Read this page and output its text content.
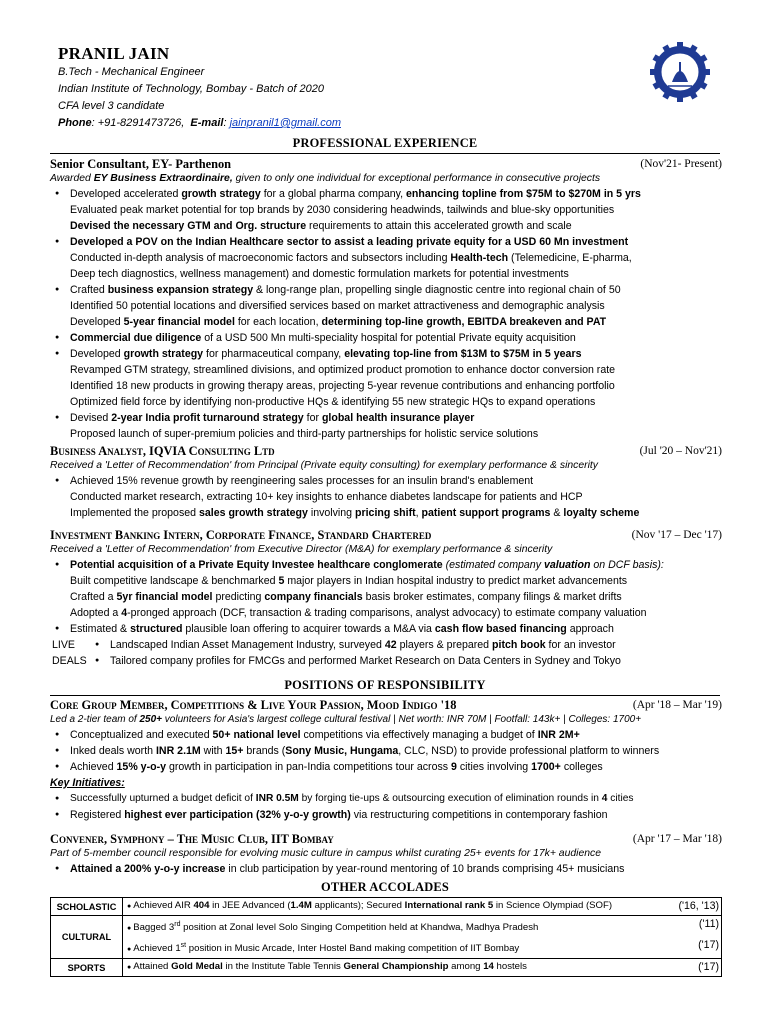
PRANIL JAIN
B.Tech - Mechanical Engineer
Indian Institute of Technology, Bombay - Batch of 2020
CFA level 3 candidate
Phone: +91-8291473726, E-mail: jainpranil1@gmail.com
PROFESSIONAL EXPERIENCE
Senior Consultant, EY- Parthenon	(Nov'21- Present)
Awarded EY Business Extraordinaire, given to only one individual for exceptional performance in consecutive projects
● Developed accelerated growth strategy for a global pharma company, enhancing topline from $75M to $270M in 5 yrs
Evaluated peak market potential for top brands by 2030 considering headwinds, tailwinds and blue-sky opportunities
Devised the necessary GTM and Org. structure requirements to attain this accelerated growth and scale
● Developed a POV on the Indian Healthcare sector to assist a leading private equity for a USD 60 Mn investment
Conducted in-depth analysis of macroeconomic factors and subsectors including Health-tech (Telemedicine, E-pharma,
Deep tech diagnostics, wellness management) and domestic formulation markets for potential investments
● Crafted business expansion strategy & long-range plan, propelling single diagnostic centre into regional chain of 50
Identified 50 potential locations and diversified services based on market attractiveness and demographic analysis
Developed 5-year financial model for each location, determining top-line growth, EBITDA breakeven and PAT
● Commercial due diligence of a USD 500 Mn multi-speciality hospital for potential Private equity acquisition
● Developed growth strategy for pharmaceutical company, elevating top-line from $13M to $75M in 5 years
Revamped GTM strategy, streamlined divisions, and optimized product promotion to enhance doctor conversion rate
Identified 18 new products in growing therapy areas, projecting 5-year revenue contributions and enhancing portfolio
Optimized field force by identifying non-productive HQs & identifying 55 new strategic HQs to expand operations
● Devised 2-year India profit turnaround strategy for global health insurance player
Proposed launch of super-premium policies and third-party partnerships for holistic service solutions
Business Analyst, IQVIA Consulting Ltd	(Jul '20 – Nov'21)
Received a 'Letter of Recommendation' from Principal (Private equity consulting) for exemplary performance & sincerity
● Achieved 15% revenue growth by reengineering sales processes for an insulin brand's enablement
Conducted market research, extracting 10+ key insights to enhance diabetes landscape for patients and HCP
Implemented the proposed sales growth strategy involving pricing shift, patient support programs & loyalty scheme
Investment Banking Intern, Corporate Finance, Standard Chartered	(Nov '17 – Dec '17)
Received a 'Letter of Recommendation' from Executive Director (M&A) for exemplary performance & sincerity
● Potential acquisition of a Private Equity Investee healthcare conglomerate (estimated company valuation on DCF basis):
Built competitive landscape & benchmarked 5 major players in Indian hospital industry to predict market advancements
Crafted a 5yr financial model predicting company financials basis broker estimates, company filings & market drifts
Adopted a 4-pronged approach (DCF, transaction & trading comparisons, analyst advocacy) to estimate company valuation
● Estimated & structured plausible loan offering to acquirer towards a M&A via cash flow based financing approach
LIVE
DEALS
● Landscaped Indian Asset Management Industry, surveyed 42 players & prepared pitch book for an investor
● Tailored company profiles for FMCGs and performed Market Research on Data Centers in Sydney and Tokyo
POSITIONS OF RESPONSIBILITY
Core Group Member, Competitions & Live Your Passion, Mood Indigo '18	(Apr '18 – Mar '19)
Led a 2-tier team of 250+ volunteers for Asia's largest college cultural festival | Net worth: INR 70M | Footfall: 143k+ | Colleges: 1700+
● Conceptualized and executed 50+ national level competitions via effectively managing a budget of INR 2M+
● Inked deals worth INR 2.1M with 15+ brands (Sony Music, Hungama, CLC, NSD) to provide professional platform to winners
● Achieved 15% y-o-y growth in participation in pan-India competitions tour across 9 cities involving 1700+ colleges
Key Initiatives:
● Successfully upturned a budget deficit of INR 0.5M by forging tie-ups & outsourcing execution of elimination rounds in 4 cities
● Registered highest ever participation (32% y-o-y growth) via restructuring competitions in contemporary fashion
Convener, Symphony – The Music Club, IIT Bombay	(Apr '17 – Mar '18)
Part of 5-member council responsible for evolving music culture in campus whilst curating 25+ events for 17k+ audience
● Attained a 200% y-o-y increase in club participation by year-round mentoring of 10 brands comprising 45+ musicians
OTHER ACCOLADES
SCHOLASTIC	● Achieved AIR 404 in JEE Advanced (1.4M applicants); Secured International rank 5 in Science Olympiad (SOF) ('16, '13)

CULTURAL	● Bagged 3rd position at Zonal level Solo Singing Competition held at Khandwa, Madhya Pradesh ('11)
● Achieved 1st position in Music Arcade, Inter Hostel Band making competition of IIT Bombay ('17)

SPORTS	● Attained Gold Medal in the Institute Table Tennis General Championship among 14 hostels ('17)
